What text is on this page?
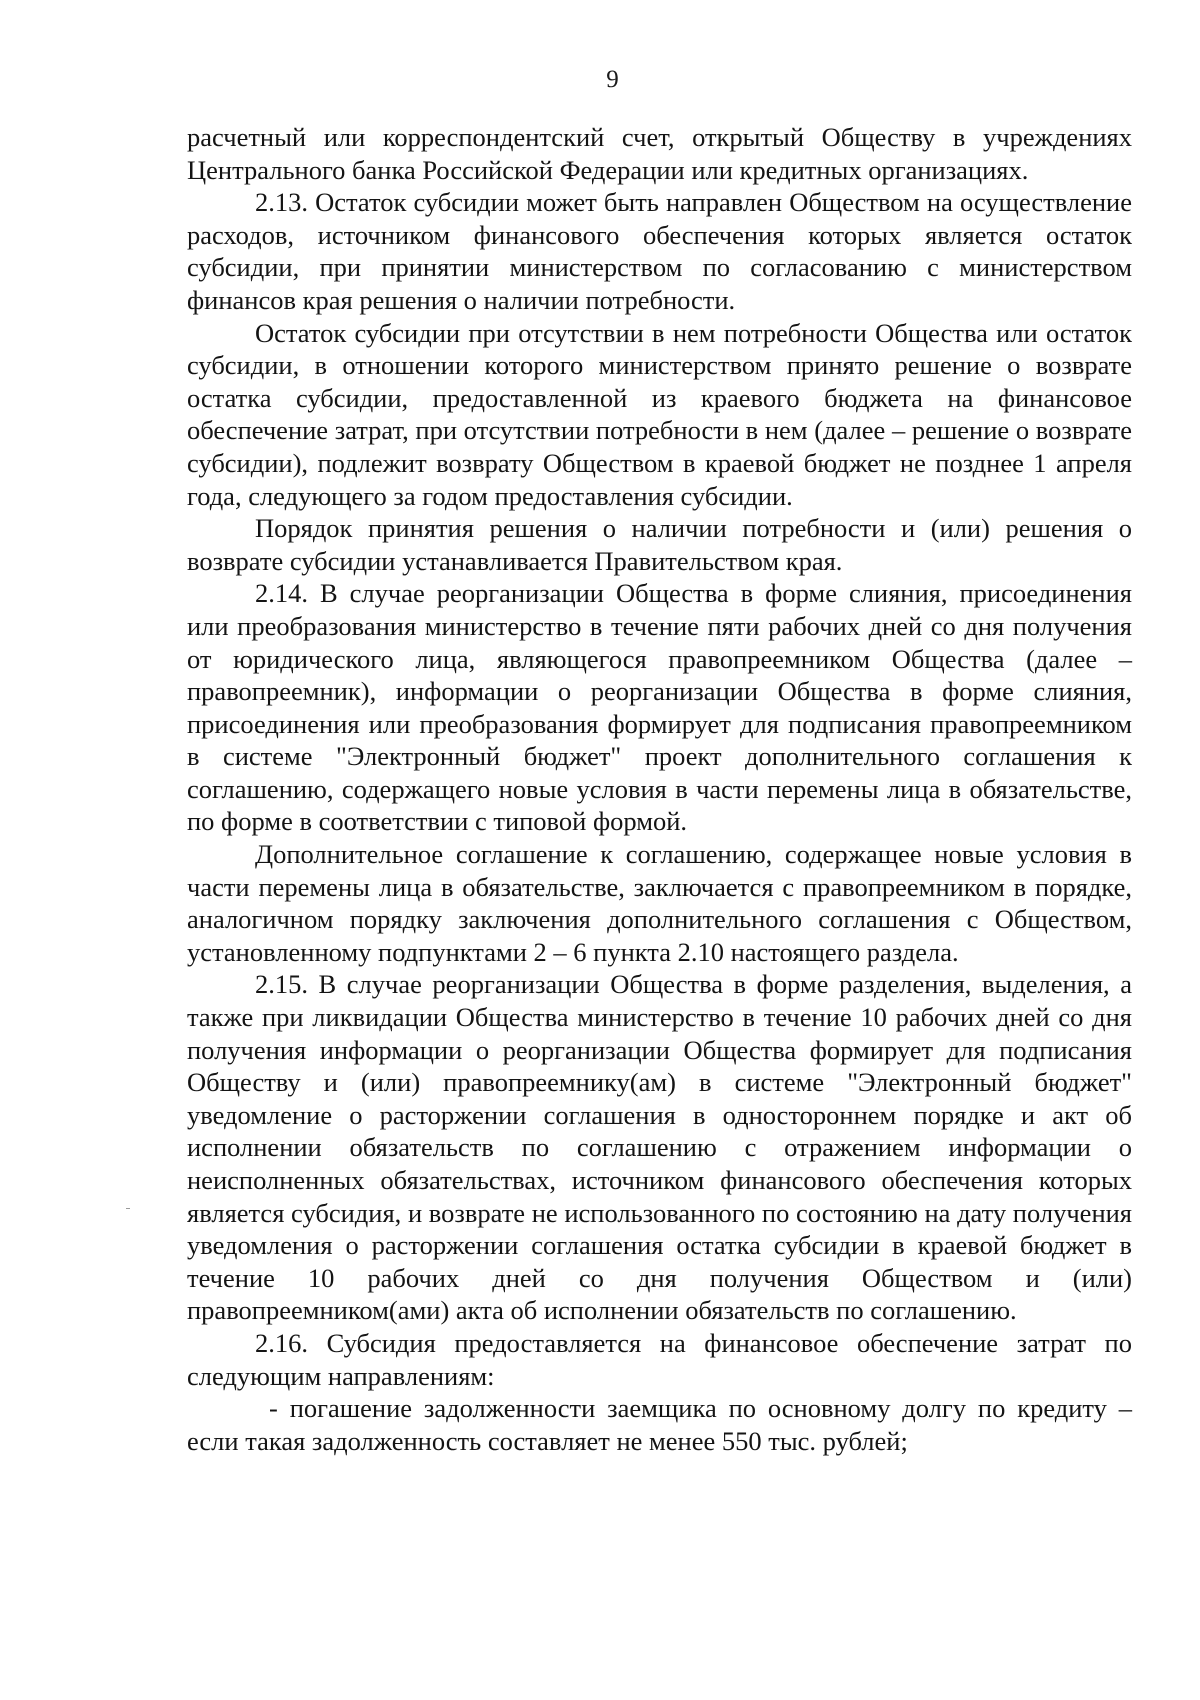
9

расчетный или корреспондентский счет, открытый Обществу в учреждениях Центрального банка Российской Федерации или кредитных организациях.

2.13. Остаток субсидии может быть направлен Обществом на осуществление расходов, источником финансового обеспечения которых является остаток субсидии, при принятии министерством по согласованию с министерством финансов края решения о наличии потребности.

Остаток субсидии при отсутствии в нем потребности Общества или остаток субсидии, в отношении которого министерством принято решение о возврате остатка субсидии, предоставленной из краевого бюджета на финансовое обеспечение затрат, при отсутствии потребности в нем (далее – решение о возврате субсидии), подлежит возврату Обществом в краевой бюджет не позднее 1 апреля года, следующего за годом предоставления субсидии.

Порядок принятия решения о наличии потребности и (или) решения о возврате субсидии устанавливается Правительством края.

2.14. В случае реорганизации Общества в форме слияния, присоединения или преобразования министерство в течение пяти рабочих дней со дня получения от юридического лица, являющегося правопреемником Общества (далее – правопреемник), информации о реорганизации Общества в форме слияния, присоединения или преобразования формирует для подписания правопреемником в системе "Электронный бюджет" проект дополнительного соглашения к соглашению, содержащего новые условия в части перемены лица в обязательстве, по форме в соответствии с типовой формой.

Дополнительное соглашение к соглашению, содержащее новые условия в части перемены лица в обязательстве, заключается с правопреемником в порядке, аналогичном порядку заключения дополнительного соглашения с Обществом, установленному подпунктами 2 – 6 пункта 2.10 настоящего раздела.

2.15. В случае реорганизации Общества в форме разделения, выделения, а также при ликвидации Общества министерство в течение 10 рабочих дней со дня получения информации о реорганизации Общества формирует для подписания Обществу и (или) правопреемнику(ам) в системе "Электронный бюджет" уведомление о расторжении соглашения в одностороннем порядке и акт об исполнении обязательств по соглашению с отражением информации о неисполненных обязательствах, источником финансового обеспечения которых является субсидия, и возврате не использованного по состоянию на дату получения уведомления о расторжении соглашения остатка субсидии в краевой бюджет в течение 10 рабочих дней со дня получения Обществом и (или) правопреемником(ами) акта об исполнении обязательств по соглашению.

2.16. Субсидия предоставляется на финансовое обеспечение затрат по следующим направлениям:

- погашение задолженности заемщика по основному долгу по кредиту – если такая задолженность составляет не менее 550 тыс. рублей;
